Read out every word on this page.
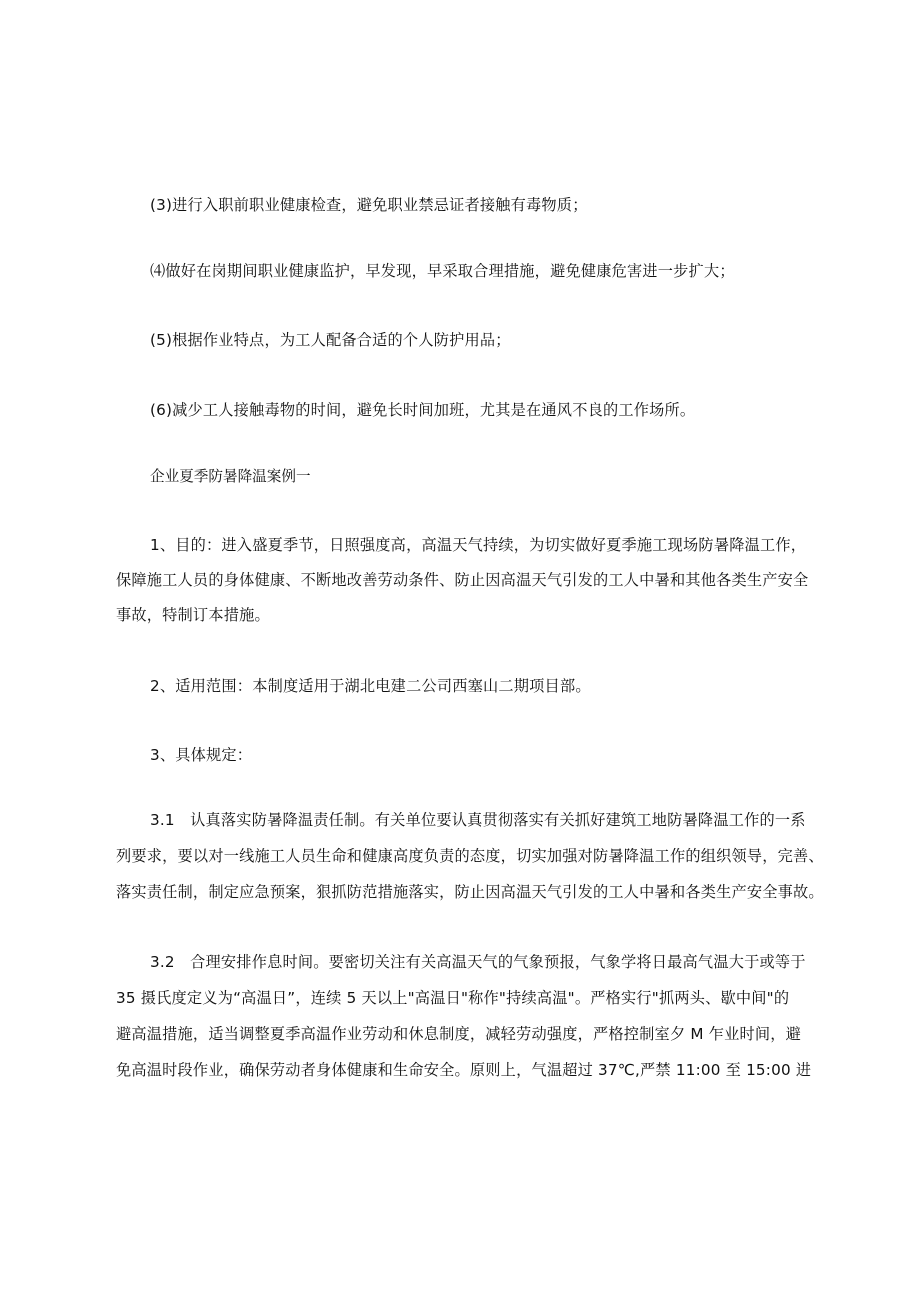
(3)进行入职前职业健康检查，避免职业禁忌证者接触有毒物质；
⑷做好在岗期间职业健康监护，早发现，早采取合理措施，避免健康危害进一步扩大；
(5)根据作业特点，为工人配备合适的个人防护用品；
(6)减少工人接触毒物的时间，避免长时间加班，尤其是在通风不良的工作场所。
企业夏季防暑降温案例一
1、目的：进入盛夏季节，日照强度高，高温天气持续，为切实做好夏季施工现场防暑降温工作，
保障施工人员的身体健康、不断地改善劳动条件、防止因高温天气引发的工人中暑和其他各类生产安全
事故，特制订本措施。
2、适用范围：本制度适用于湖北电建二公司西塞山二期项目部。
3、具体规定：
3.1　认真落实防暑降温责任制。有关单位要认真贯彻落实有关抓好建筑工地防暑降温工作的一系
列要求，要以对一线施工人员生命和健康高度负责的态度，切实加强对防暑降温工作的组织领导，完善、
落实责任制，制定应急预案，狠抓防范措施落实，防止因高温天气引发的工人中暑和各类生产安全事故。
3.2　合理安排作息时间。要密切关注有关高温天气的气象预报，气象学将日最高气温大于或等于
35 摄氏度定义为“高温日”，连续 5 天以上"高温日"称作"持续高温"。严格实行"抓两头、歇中间"的
避高温措施，适当调整夏季高温作业劳动和休息制度，减轻劳动强度，严格控制室夕 M 乍业时间，避
免高温时段作业，确保劳动者身体健康和生命安全。原则上，气温超过 37℃,严禁 11:00 至 15:00 进
